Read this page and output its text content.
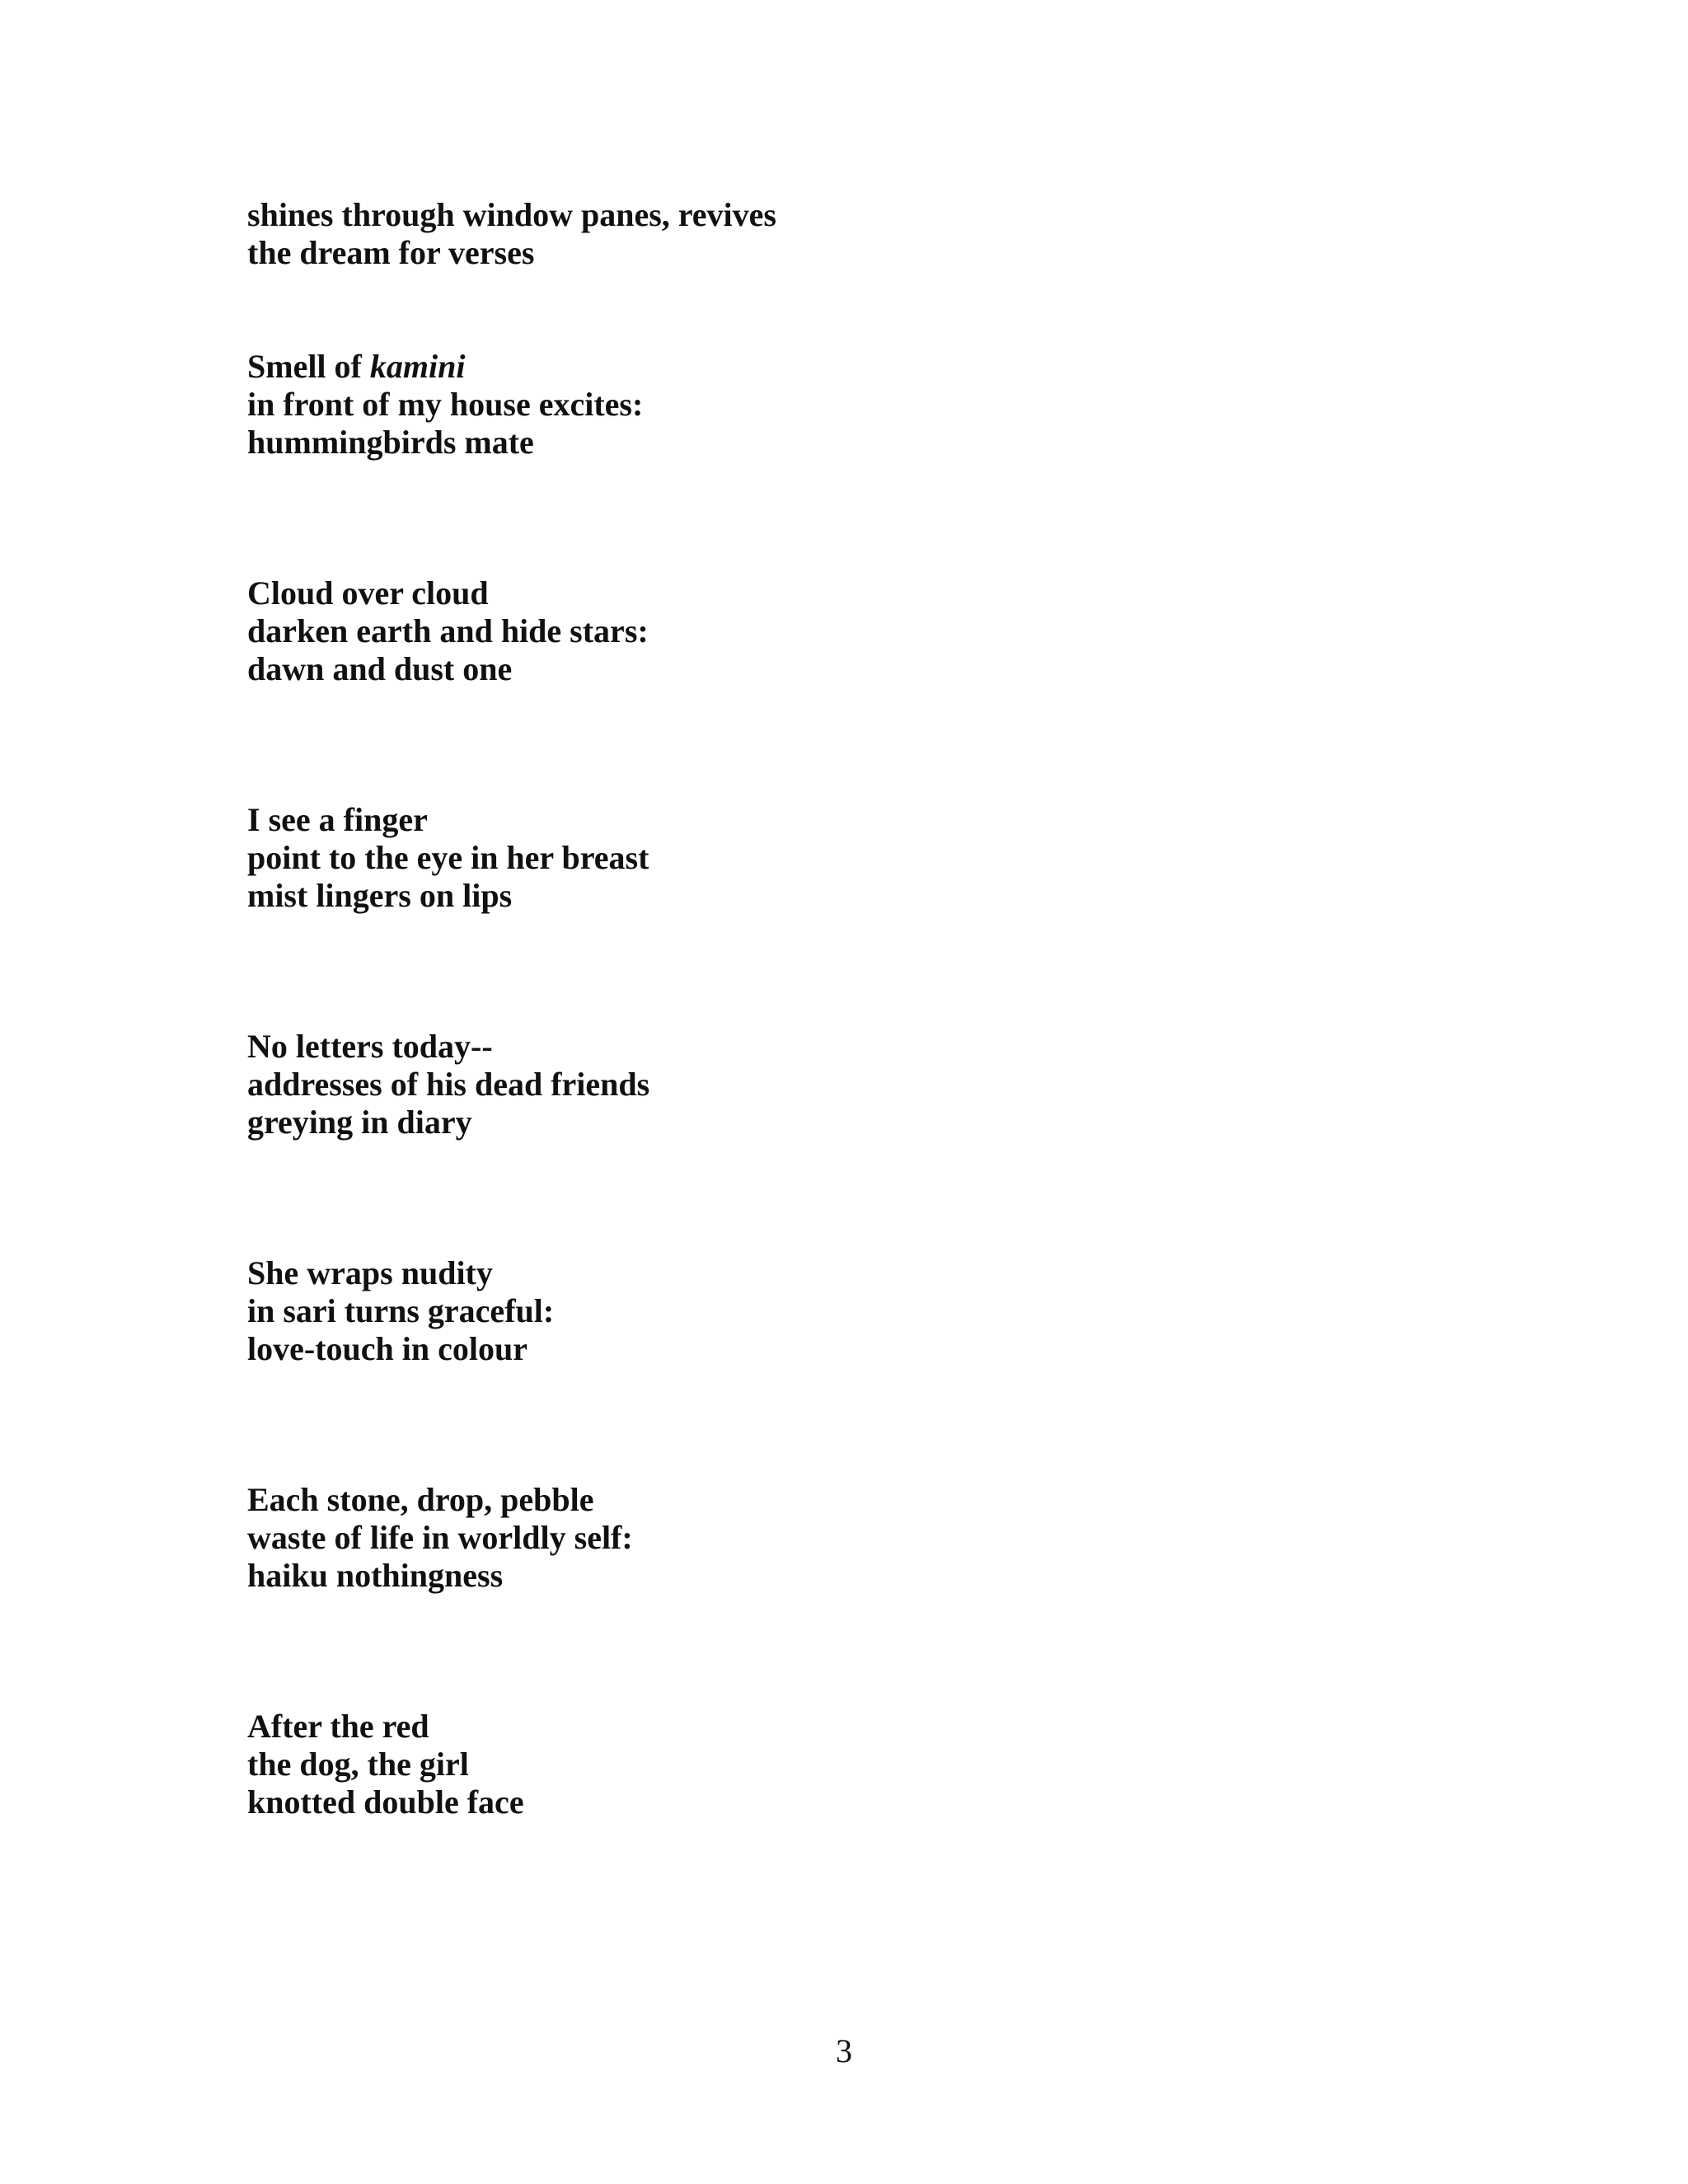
shines through window panes, revives
the dream for verses
Smell of kamini
in front of my house excites:
hummingbirds mate
Cloud over cloud
darken earth and hide stars:
dawn and dust one
I see a finger
point to the eye in her breast
mist lingers on lips
No letters today--
addresses of his dead friends
greying in diary
She wraps nudity
in sari turns graceful:
love-touch in colour
Each stone, drop, pebble
waste of life in worldly self:
haiku nothingness
After the red
the dog, the girl
knotted double face
3
